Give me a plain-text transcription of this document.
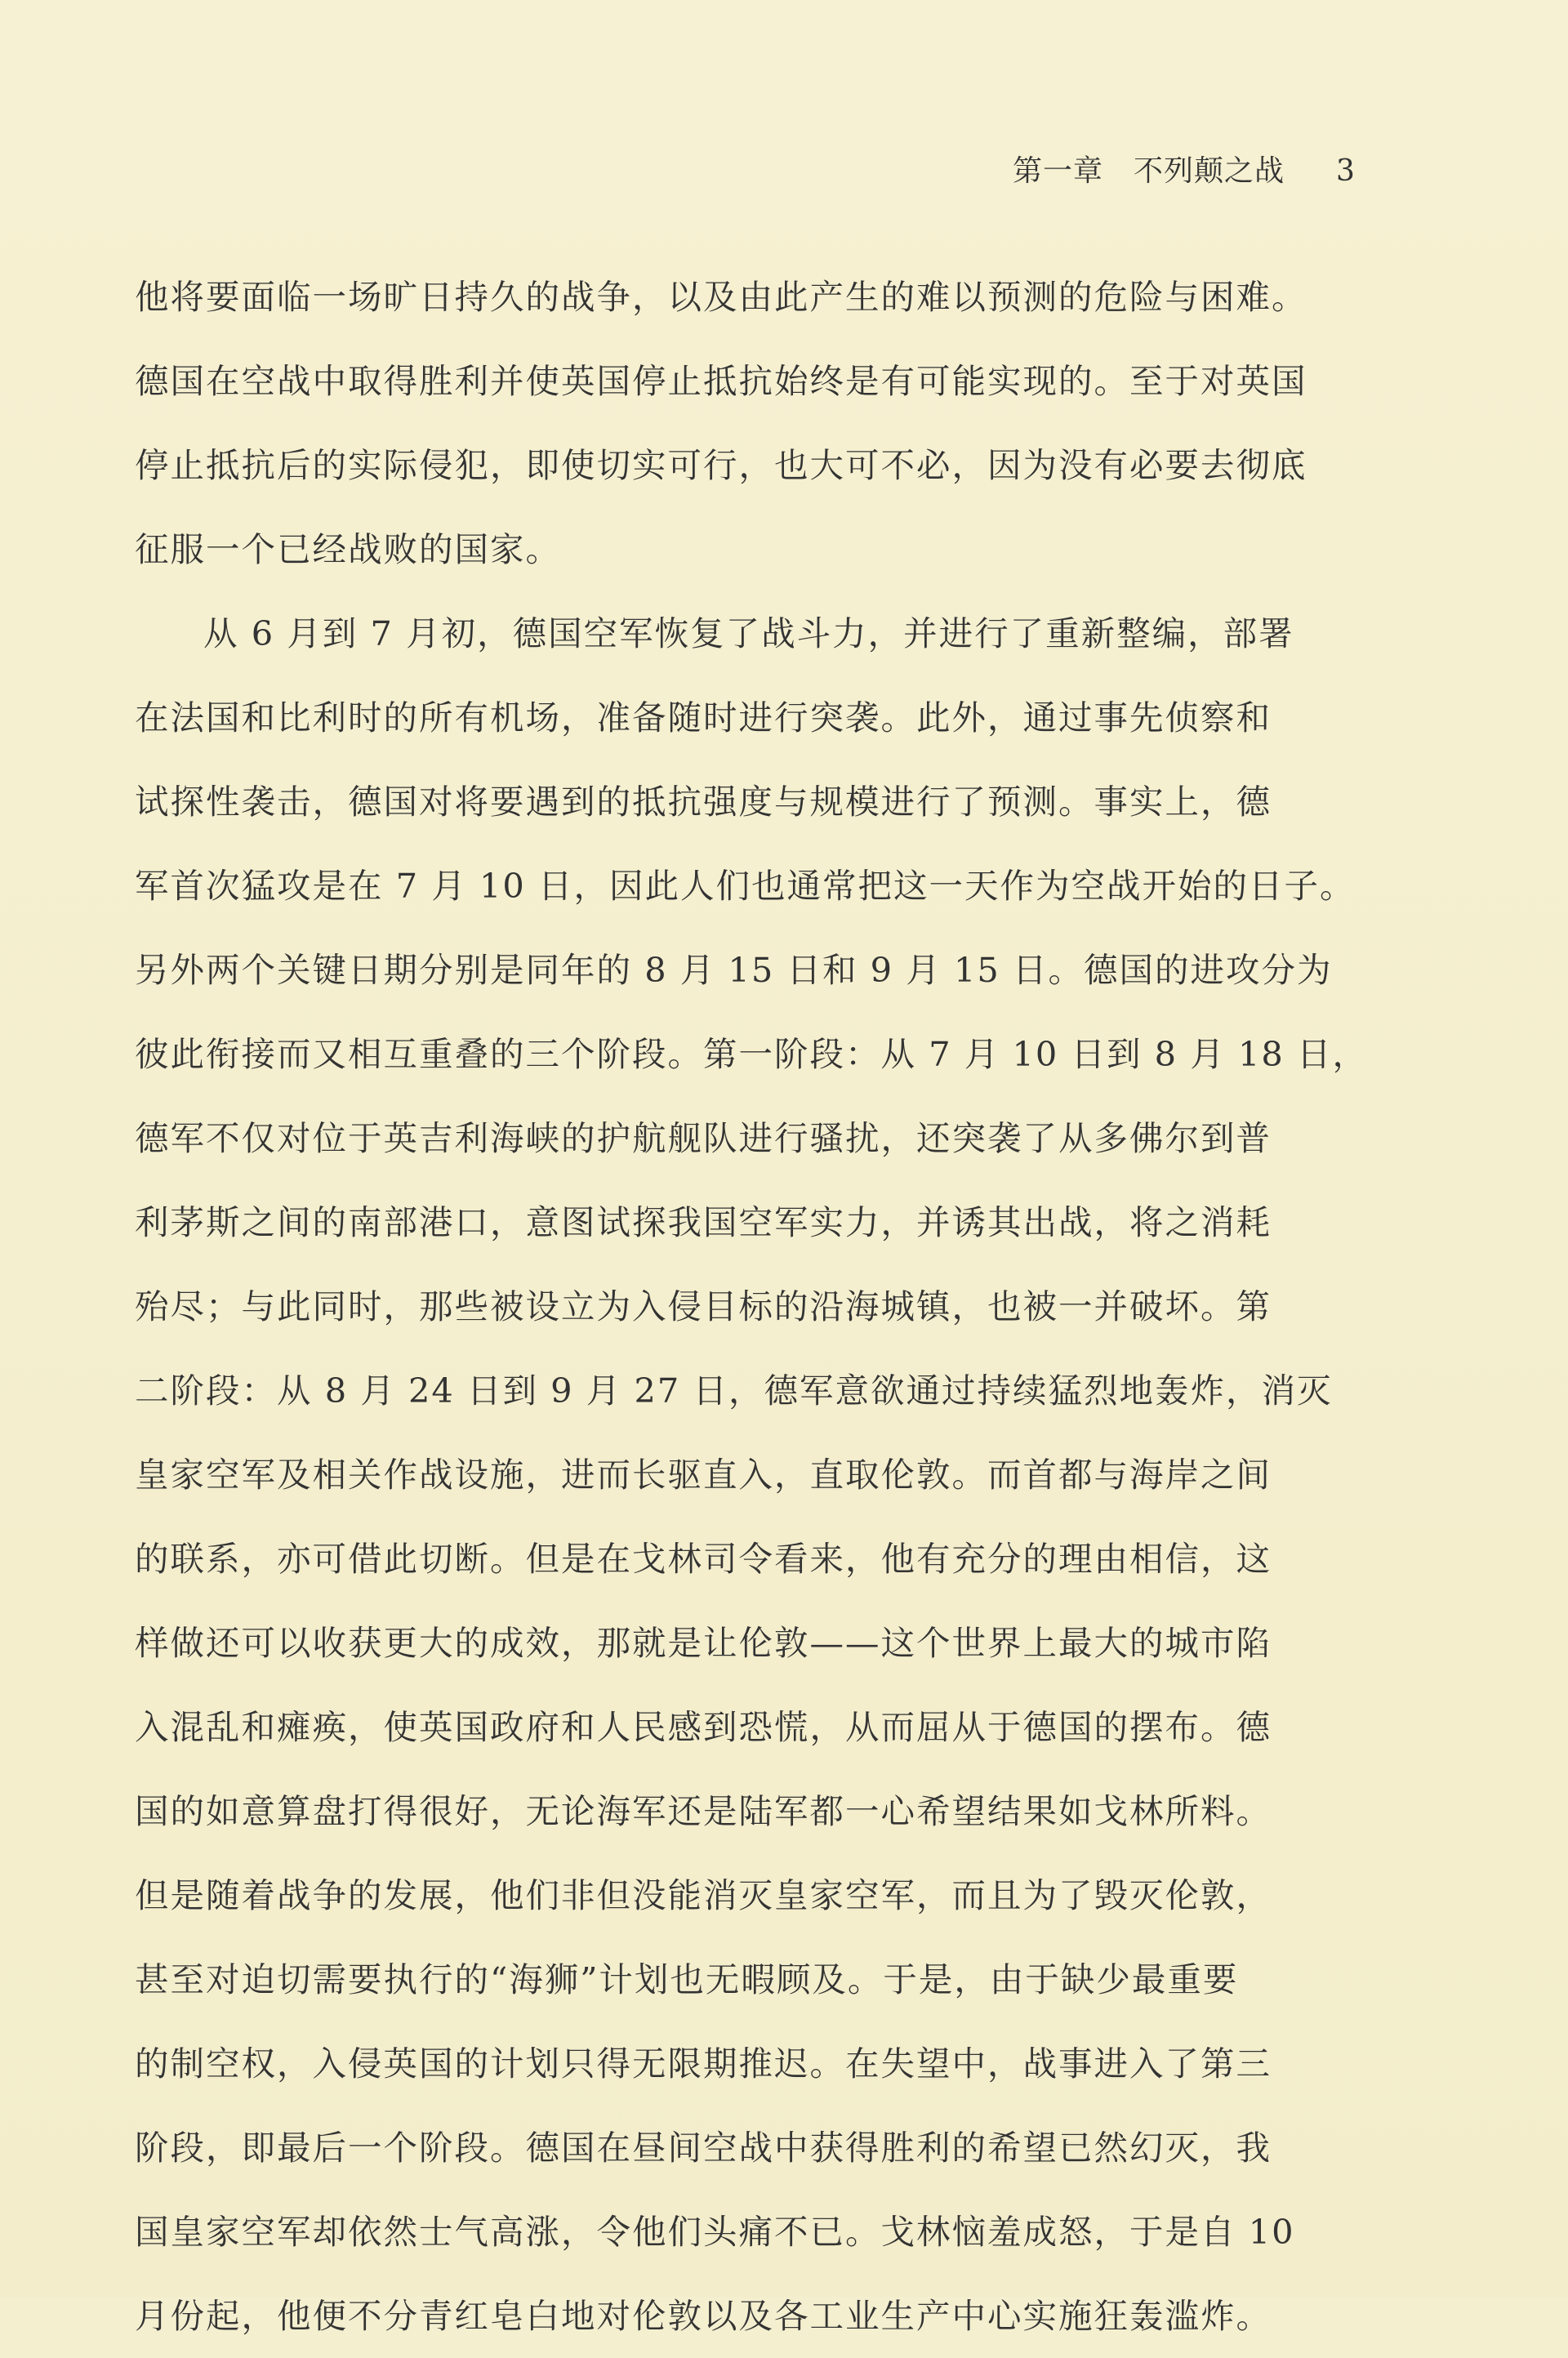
第一章　不列颠之战 3
他将要面临一场旷日持久的战争，以及由此产生的难以预测的危险与困难。
德国在空战中取得胜利并使英国停止抵抗始终是有可能实现的。至于对英国
停止抵抗后的实际侵犯，即使切实可行，也大可不必，因为没有必要去彻底
征服一个已经战败的国家。
从 6 月到 7 月初，德国空军恢复了战斗力，并进行了重新整编，部署
在法国和比利时的所有机场，准备随时进行突袭。此外，通过事先侦察和
试探性袭击，德国对将要遇到的抵抗强度与规模进行了预测。事实上，德
军首次猛攻是在 7 月 10 日，因此人们也通常把这一天作为空战开始的日子。
另外两个关键日期分别是同年的 8 月 15 日和 9 月 15 日。德国的进攻分为
彼此衔接而又相互重叠的三个阶段。第一阶段：从 7 月 10 日到 8 月 18 日，
德军不仅对位于英吉利海峡的护航舰队进行骚扰，还突袭了从多佛尔到普
利茅斯之间的南部港口，意图试探我国空军实力，并诱其出战，将之消耗
殆尽；与此同时，那些被设立为入侵目标的沿海城镇，也被一并破坏。第
二阶段：从 8 月 24 日到 9 月 27 日，德军意欲通过持续猛烈地轰炸，消灭
皇家空军及相关作战设施，进而长驱直入，直取伦敦。而首都与海岸之间
的联系，亦可借此切断。但是在戈林司令看来，他有充分的理由相信，这
样做还可以收获更大的成效，那就是让伦敦——这个世界上最大的城市陷
入混乱和瘫痪，使英国政府和人民感到恐慌，从而屈从于德国的摆布。德
国的如意算盘打得很好，无论海军还是陆军都一心希望结果如戈林所料。
但是随着战争的发展，他们非但没能消灭皇家空军，而且为了毁灭伦敦，
甚至对迫切需要执行的“海狮”计划也无暇顾及。于是，由于缺少最重要
的制空权，入侵英国的计划只得无限期推迟。在失望中，战事进入了第三
阶段，即最后一个阶段。德国在昼间空战中获得胜利的希望已然幻灭，我
国皇家空军却依然士气高涨，令他们头痛不已。戈林恼羞成怒，于是自 10
月份起，他便不分青红皂白地对伦敦以及各工业生产中心实施狂轰滥炸。
